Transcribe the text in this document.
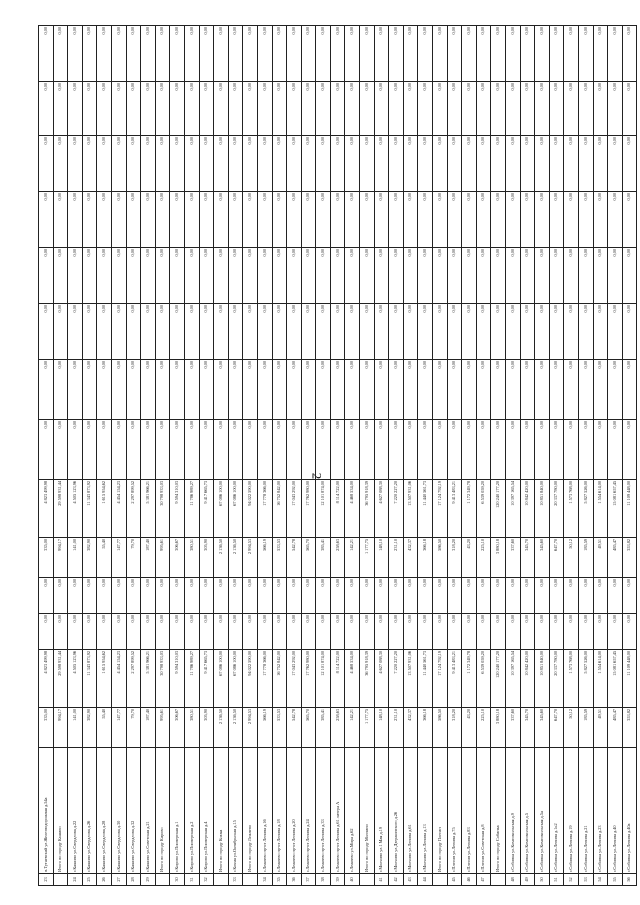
2
23	п.Тутаевский ул.Железнодорожная д.54а	335,00	4 823 499,98	0,00	0,00	335,00	4 823 499,98	0,00	0,00	0,00	0,00	0,00	0,00	0,00	0,00
	Итого по городу Кашино	994,17	29 598 931,44	0,00	0,00	994,17	29 598 931,44	0,00	0,00	0,00	0,00	0,00	0,00	0,00	0,00
24	г.Кашино ул.Свердлова д.22	141,00	4 505 123,96	0,00	0,00	141,00	4 505 123,96	0,00	0,00	0,00	0,00	0,00	0,00	0,00	0,00
25	г.Кашино ул.Свердлова д.26	382,90	11 343 873,92	0,00	0,00	382,90	11 343 873,92	0,00	0,00	0,00	0,00	0,00	0,00	0,00	0,00
26	г.Кашино ул.Свердлова д.28	55,40	1 615 954,62	0,00	0,00	55,40	1 615 954,62	0,00	0,00	0,00	0,00	0,00	0,00	0,00	0,00
27	г.Кашино ул.Свердлова д.30	147,77	4 454 154,23	0,00	0,00	147,77	4 454 154,23	0,00	0,00	0,00	0,00	0,00	0,00	0,00	0,00
28	г.Кашино ул.Свердлова д.32	79,70	2 297 899,52	0,00	0,00	79,70	2 297 899,52	0,00	0,00	0,00	0,00	0,00	0,00	0,00	0,00
29	г.Кашино ул.Советская д.21	187,40	5 381 966,21	0,00	0,00	187,40	5 381 966,21	0,00	0,00	0,00	0,00	0,00	0,00	0,00	0,00
	Итого по городу Кирово	995,61	30 798 933,03	0,00	0,00	995,61	30 798 933,03	0,00	0,00	0,00	0,00	0,00	0,00	0,00	0,00
30	г.Кирово ул.Пионерская д.1	306,67	9 594 310,03	0,00	0,00	306,67	9 594 310,03	0,00	0,00	0,00	0,00	0,00	0,00	0,00	0,00
31	г.Кирово ул.Пионерская д.2	380,51	11 786 989,27	0,00	0,00	380,51	11 786 989,27	0,00	0,00	0,00	0,00	0,00	0,00	0,00	0,00
32	г.Кирово ул.Пионерская д.4	305,90	9 417 665,73	0,00	0,00	305,90	9 417 665,73	0,00	0,00	0,00	0,00	0,00	0,00	0,00	0,00
	Итого по городу Кохма	2 136,50	67 086 100,00	0,00	0,00	2 136,50	67 086 100,00	0,00	0,00	0,00	0,00	0,00	0,00	0,00	0,00
33	г.Кохма ул.Октябрьская д.15	2 136,50	67 086 100,00	0,00	0,00	2 136,50	67 086 100,00	0,00	0,00	0,00	0,00	0,00	0,00	0,00	0,00
	Итого по городу Лежнево	2 994,53	94 022 590,00	0,00	0,00	2 994,53	94 022 590,00	0,00	0,00	0,00	0,00	0,00	0,00	0,00	0,00
34	г.Лежнево пр-кт Ленина д.16	566,19	17 778 366,00	0,00	0,00	566,19	17 778 366,00	0,00	0,00	0,00	0,00	0,00	0,00	0,00	0,00
35	г.Лежнево пр-кт Ленина д.18	533,53	16 752 842,00	0,00	0,00	533,53	16 752 842,00	0,00	0,00	0,00	0,00	0,00	0,00	0,00	0,00
36	г.Лежнево пр-кт Ленина д.20	542,78	17 043 292,00	0,00	0,00	542,78	17 043 292,00	0,00	0,00	0,00	0,00	0,00	0,00	0,00	0,00
37	г.Лежнево пр-кт Ленина д.24	565,70	17 762 980,00	0,00	0,00	565,70	17 762 980,00	0,00	0,00	0,00	0,00	0,00	0,00	0,00	0,00
38	г.Лежнево пр-кт Ленина д.33	385,41	12 101 874,00	0,00	0,00	385,41	12 101 874,00	0,00	0,00	0,00	0,00	0,00	0,00	0,00	0,00
39	г.Лежнево пр-кт Ленина д.61 литера А	258,63	8 114 722,00	0,00	0,00	258,63	8 114 722,00	0,00	0,00	0,00	0,00	0,00	0,00	0,00	0,00
40	г.Лежнево ул.Мира д.62	142,21	4 468 534,00	0,00	0,00	142,21	4 468 534,00	0,00	0,00	0,00	0,00	0,00	0,00	0,00	0,00
	Итого по городу Молчино	1 177,75	36 795 918,39	0,00	0,00	1 177,75	36 795 918,39	0,00	0,00	0,00	0,00	0,00	0,00	0,00	0,00
41	г.Молчино ул.1 Мая д.19	148,10	4 627 088,30	0,00	0,00	148,10	4 627 088,30	0,00	0,00	0,00	0,00	0,00	0,00	0,00	0,00
42	г.Молчино ул.Дзержинского д.26	231,10	7 220 227,20	0,00	0,00	231,10	7 220 227,20	0,00	0,00	0,00	0,00	0,00	0,00	0,00	0,00
43	г.Молчино ул.Ленина д.61	432,37	13 507 931,06	0,00	0,00	432,37	13 507 931,06	0,00	0,00	0,00	0,00	0,00	0,00	0,00	0,00
44	г.Молчино ул.Ленина д.13	366,18	11 440 561,73	0,00	0,00	366,18	11 440 561,73	0,00	0,00	0,00	0,00	0,00	0,00	0,00	0,00
	Итого по городу Плесин	586,50	17 124 792,19	0,00	0,00	586,50	17 124 792,19	0,00	0,00	0,00	0,00	0,00	0,00	0,00	0,00
45	г.Плесин ул.Ленина д.75	318,20	9 413 483,21	0,00	0,00	318,20	9 413 483,21	0,00	0,00	0,00	0,00	0,00	0,00	0,00	0,00
46	г.Плесин ул.Ленина д.83	43,20	1 172 349,78	0,00	0,00	43,20	1 172 349,78	0,00	0,00	0,00	0,00	0,00	0,00	0,00	0,00
47	г.Плесин ул.Советская д.8	225,10	6 539 059,20	0,00	0,00	225,10	6 539 059,20	0,00	0,00	0,00	0,00	0,00	0,00	0,00	0,00
	Итого по городу Собинка	3 880,18	120 240 177,20	0,00	0,00	3 880,18	120 240 177,20	0,00	0,00	0,00	0,00	0,00	0,00	0,00	0,00
48	г.Собинка ул.Комсомольская д.9	337,60	10 397 165,54	0,00	0,00	337,60	10 397 165,54	0,00	0,00	0,00	0,00	0,00	0,00	0,00	0,00
49	г.Собинка ул.Комсомольская д.5	345,70	10 842 420,00	0,00	0,00	345,70	10 842 420,00	0,00	0,00	0,00	0,00	0,00	0,00	0,00	0,00
50	г.Собинка ул.Комсомольская д.5а	345,60	10 851 840,00	0,00	0,00	345,60	10 851 840,00	0,00	0,00	0,00	0,00	0,00	0,00	0,00	0,00
51	г.Собинка ул.Ленина д.1к2	647,70	20 337 780,00	0,00	0,00	647,70	20 337 780,00	0,00	0,00	0,00	0,00	0,00	0,00	0,00	0,00
52	г.Собинка ул.Ленина д.19	50,12	1 573 768,00	0,00	0,00	50,12	1 573 768,00	0,00	0,00	0,00	0,00	0,00	0,00	0,00	0,00
53	г.Собинка ул.Ленина д.21	185,59	5 827 526,00	0,00	0,00	185,59	5 827 526,00	0,00	0,00	0,00	0,00	0,00	0,00	0,00	0,00
54	г.Собинка ул.Ленина д.23	49,51	1 554 614,00	0,00	0,00	49,51	1 554 614,00	0,00	0,00	0,00	0,00	0,00	0,00	0,00	0,00
55	г.Собинка ул.Ленина д.40	485,47	15 081 657,45	0,00	0,00	485,47	15 081 657,45	0,00	0,00	0,00	0,00	0,00	0,00	0,00	0,00
56	г.Собинка ул.Ленина д.40а	353,82	11 109 448,00	0,00	0,00	353,82	11 109 448,00	0,00	0,00	0,00	0,00	0,00	0,00	0,00	0,00
